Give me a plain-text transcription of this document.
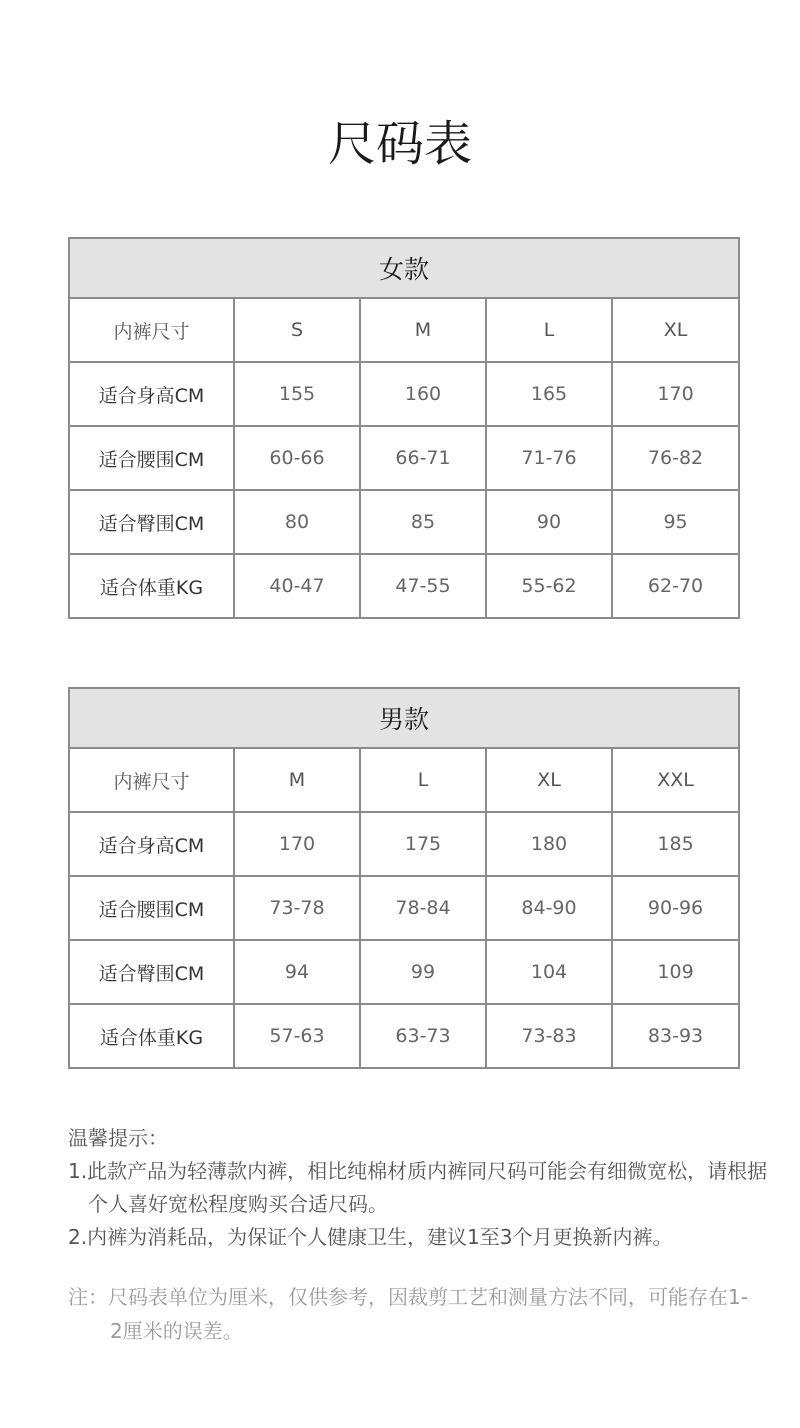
尺码表
女款				
内裤尺寸	S	M	L	XL
适合身高CM	155	160	165	170
适合腰围CM	60-66	66-71	71-76	76-82
适合臀围CM	80	85	90	95
适合体重KG	40-47	47-55	55-62	62-70
男款				
内裤尺寸	M	L	XL	XXL
适合身高CM	170	175	180	185
适合腰围CM	73-78	78-84	84-90	90-96
适合臀围CM	94	99	104	109
适合体重KG	57-63	63-73	73-83	83-93
温馨提示：
1.此款产品为轻薄款内裤，相比纯棉材质内裤同尺码可能会有细微宽松，请根据个人喜好宽松程度购买合适尺码。
2.内裤为消耗品，为保证个人健康卫生，建议1至3个月更换新内裤。
注：尺码表单位为厘米，仅供参考，因裁剪工艺和测量方法不同，可能存在1-2厘米的误差。
